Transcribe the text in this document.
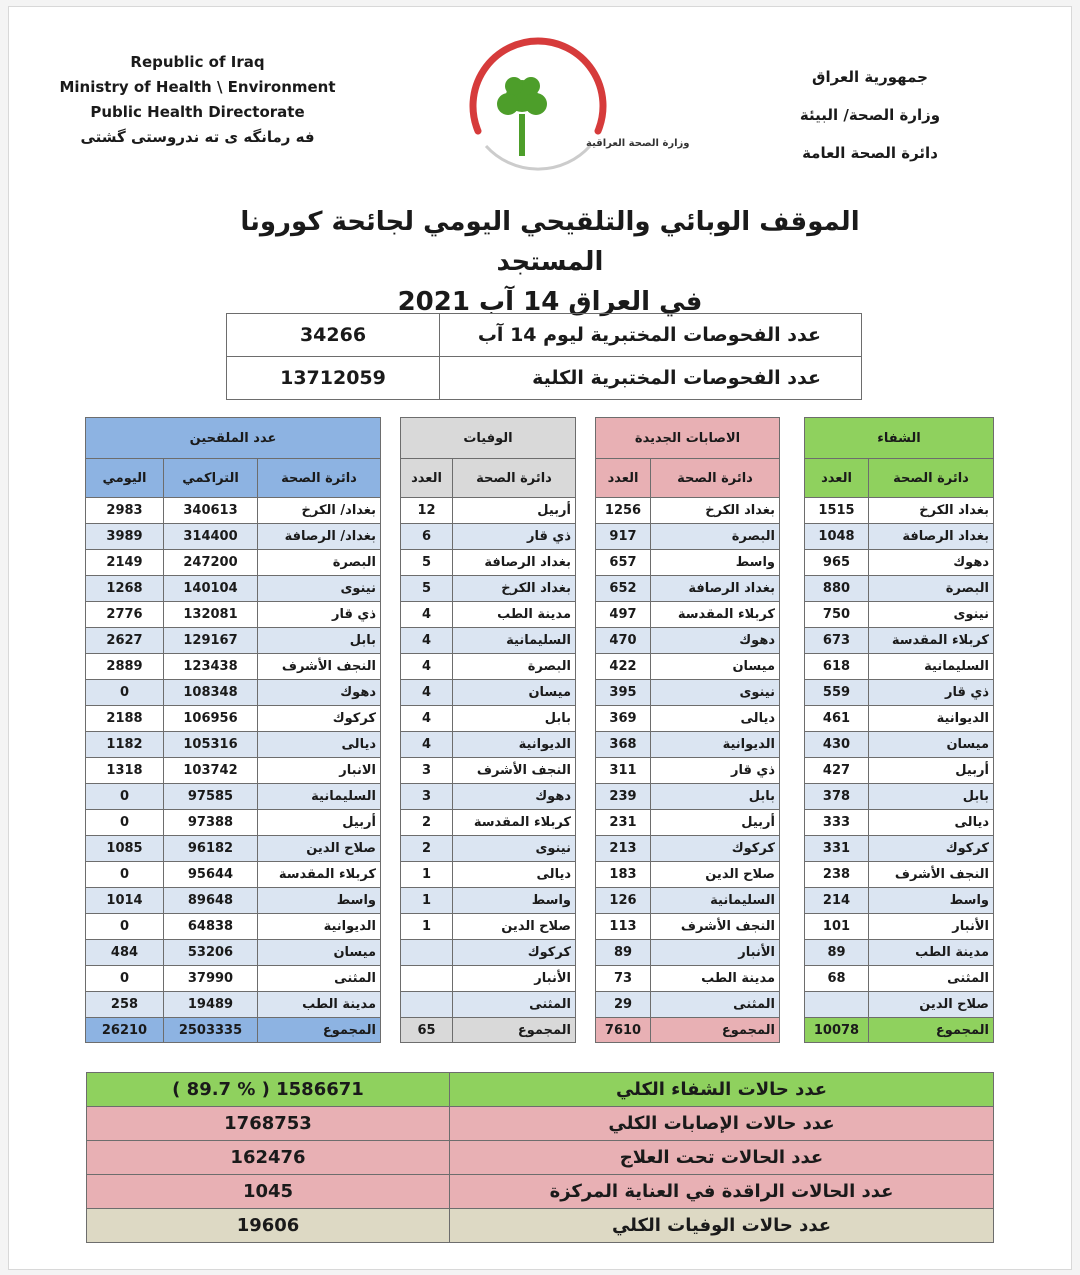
Republic of Iraq
Ministry of Health \ Environment
Public Health Directorate
فه رمانگه ی ته ندروستی گشتی	وزارة الصحة العراقية
جمهورية العراق
وزارة الصحة/ البيئة
دائرة الصحة العامة
الموقف الوبائي والتلقيحي اليومي لجائحة كورونا المستجد
في العراق 14 آب 2021
34266	عدد الفحوصات المختبرية ليوم 14 آب
13712059	عدد الفحوصات المختبرية الكلية
عدد الملقحين		
اليومي	التراكمي	دائرة الصحة
2983	340613	بغداد/ الكرخ
3989	314400	بغداد/ الرصافة
2149	247200	البصرة
1268	140104	نينوى
2776	132081	ذي قار
2627	129167	بابل
2889	123438	النجف الأشرف
0	108348	دهوك
2188	106956	كركوك
1182	105316	ديالى
1318	103742	الانبار
0	97585	السليمانية
0	97388	أربيل
1085	96182	صلاح الدين
0	95644	كربلاء المقدسة
1014	89648	واسط
0	64838	الديوانية
484	53206	ميسان
0	37990	المثنى
258	19489	مدينة الطب
26210	2503335	المجموع
الوفيات	
العدد	دائرة الصحة
12	أربيل
6	ذي قار
5	بغداد الرصافة
5	بغداد الكرخ
4	مدينة الطب
4	السليمانية
4	البصرة
4	ميسان
4	بابل
4	الديوانية
3	النجف الأشرف
3	دهوك
2	كربلاء المقدسة
2	نينوى
1	ديالى
1	واسط
1	صلاح الدين
	كركوك
	الأنبار
	المثنى
65	المجموع
الاصابات الجديدة	
العدد	دائرة الصحة
1256	بغداد الكرخ
917	البصرة
657	واسط
652	بغداد الرصافة
497	كربلاء المقدسة
470	دهوك
422	ميسان
395	نينوى
369	ديالى
368	الديوانية
311	ذي قار
239	بابل
231	أربيل
213	كركوك
183	صلاح الدين
126	السليمانية
113	النجف الأشرف
89	الأنبار
73	مدينة الطب
29	المثنى
7610	المجموع
الشفاء	
العدد	دائرة الصحة
1515	بغداد الكرخ
1048	بغداد الرصافة
965	دهوك
880	البصرة
750	نينوى
673	كربلاء المقدسة
618	السليمانية
559	ذي قار
461	الديوانية
430	ميسان
427	أربيل
378	بابل
333	ديالى
331	كركوك
238	النجف الأشرف
214	واسط
101	الأنبار
89	مدينة الطب
68	المثنى
	صلاح الدين
10078	المجموع
( 89.7 % ) 1586671	عدد حالات الشفاء الكلي
1768753	عدد حالات الإصابات الكلي
162476	عدد الحالات تحت العلاج
1045	عدد الحالات الراقدة في العناية المركزة
19606	عدد حالات الوفيات الكلي
